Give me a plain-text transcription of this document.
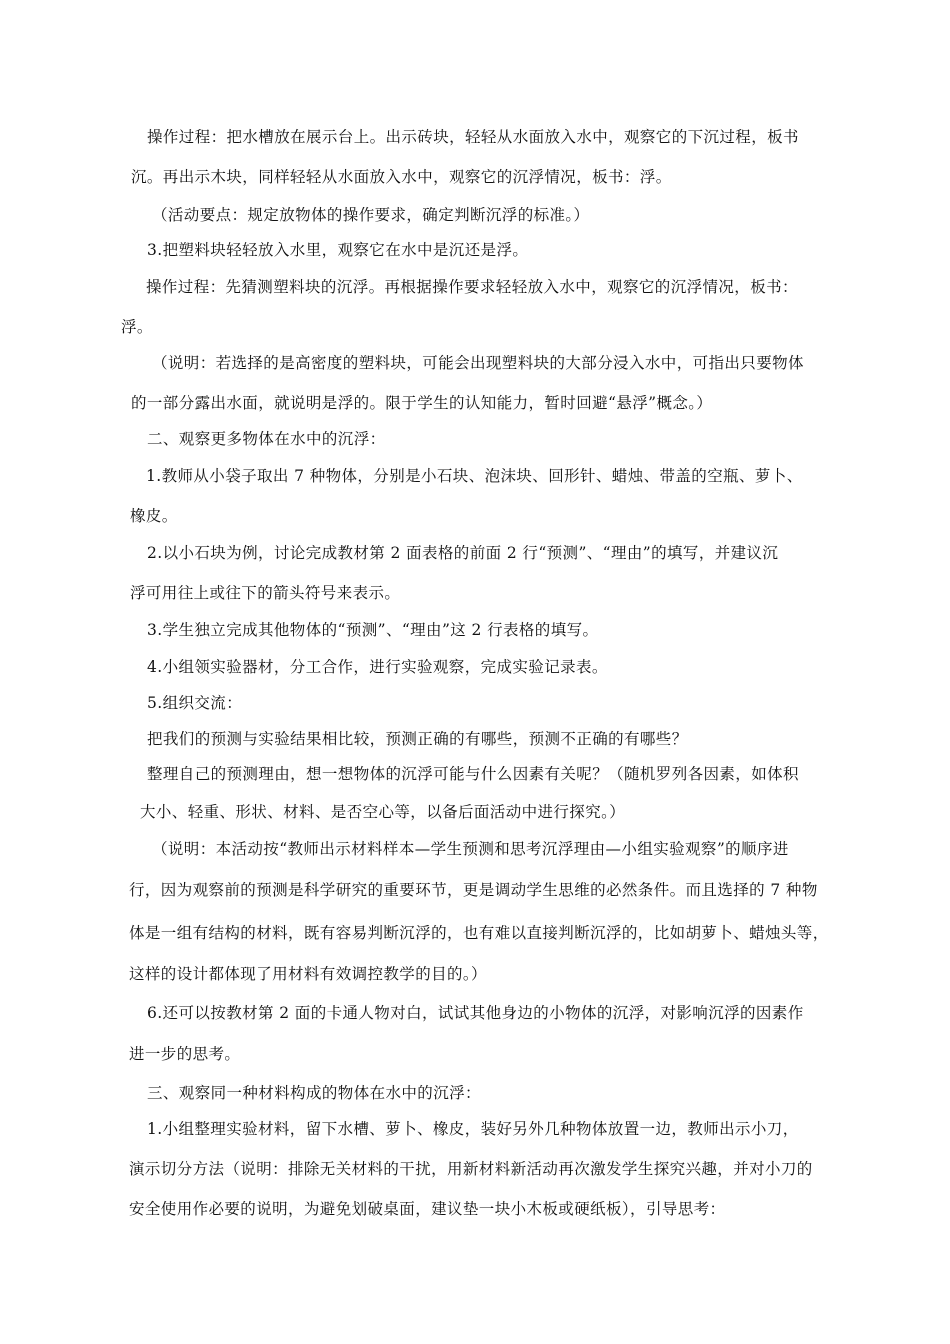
操作过程：把水槽放在展示台上。出示砖块，轻轻从水面放入水中，观察它的下沉过程，板书
沉。再出示木块，同样轻轻从水面放入水中，观察它的沉浮情况，板书：浮。
（活动要点：规定放物体的操作要求，确定判断沉浮的标准。）
3.把塑料块轻轻放入水里，观察它在水中是沉还是浮。
操作过程：先猜测塑料块的沉浮。再根据操作要求轻轻放入水中，观察它的沉浮情况，板书：
浮。
（说明：若选择的是高密度的塑料块，可能会出现塑料块的大部分浸入水中，可指出只要物体
的一部分露出水面，就说明是浮的。限于学生的认知能力，暂时回避“悬浮”概念。）
二、观察更多物体在水中的沉浮：
1.教师从小袋子取出 7 种物体，分别是小石块、泡沫块、回形针、蜡烛、带盖的空瓶、萝卜、
橡皮。
2.以小石块为例，讨论完成教材第 2 面表格的前面 2 行“预测”、“理由”的填写，并建议沉
浮可用往上或往下的箭头符号来表示。
3.学生独立完成其他物体的“预测”、“理由”这 2 行表格的填写。
4.小组领实验器材，分工合作，进行实验观察，完成实验记录表。
5.组织交流：
把我们的预测与实验结果相比较，预测正确的有哪些，预测不正确的有哪些？
整理自己的预测理由，想一想物体的沉浮可能与什么因素有关呢？（随机罗列各因素，如体积
大小、轻重、形状、材料、是否空心等，以备后面活动中进行探究。）
（说明：本活动按“教师出示材料样本—学生预测和思考沉浮理由—小组实验观察”的顺序进
行，因为观察前的预测是科学研究的重要环节，更是调动学生思维的必然条件。而且选择的 7 种物
体是一组有结构的材料，既有容易判断沉浮的，也有难以直接判断沉浮的，比如胡萝卜、蜡烛头等，
这样的设计都体现了用材料有效调控教学的目的。）
6.还可以按教材第 2 面的卡通人物对白，试试其他身边的小物体的沉浮，对影响沉浮的因素作
进一步的思考。
三、观察同一种材料构成的物体在水中的沉浮：
1.小组整理实验材料，留下水槽、萝卜、橡皮，装好另外几种物体放置一边，教师出示小刀，
演示切分方法（说明：排除无关材料的干扰，用新材料新活动再次激发学生探究兴趣，并对小刀的
安全使用作必要的说明，为避免划破桌面，建议垫一块小木板或硬纸板），引导思考：
